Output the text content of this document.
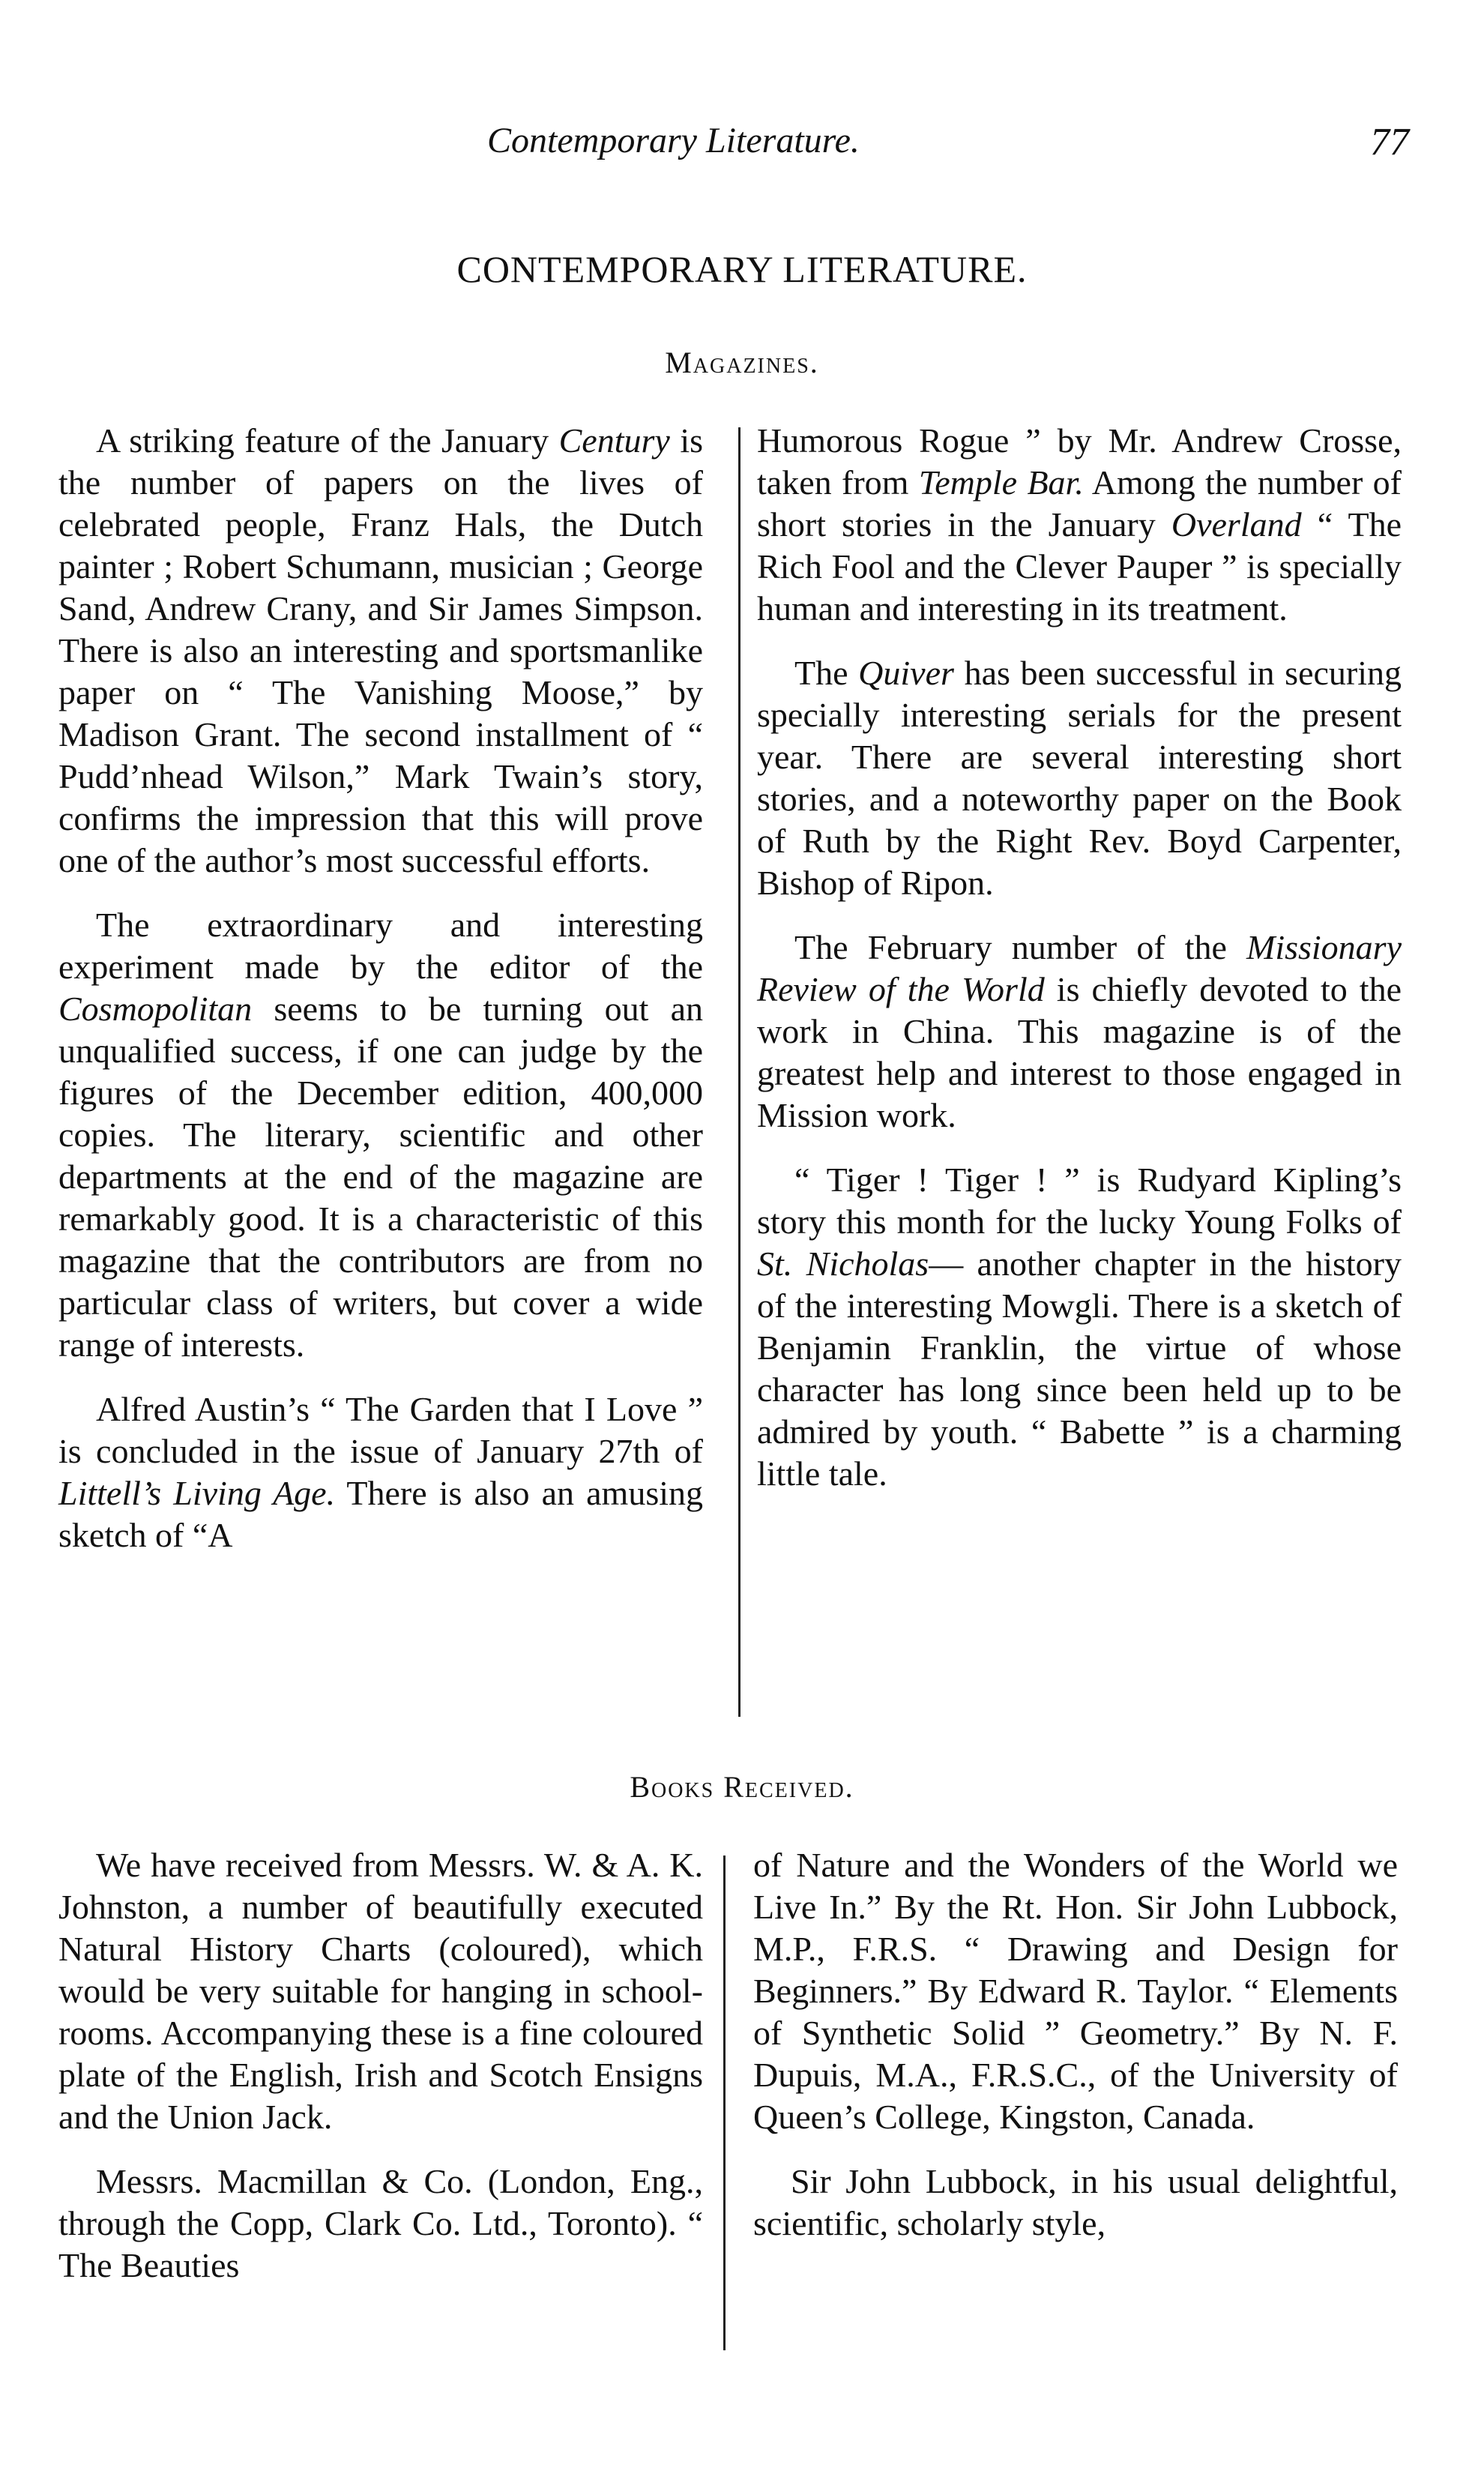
Contemporary Literature.	77
CONTEMPORARY LITERATURE.
Magazines.

A striking feature of the January Century is the number of papers on the lives of celebrated people, Franz Hals, the Dutch painter ; Robert Schumann, musician ; George Sand, Andrew Crany, and Sir James Simpson. There is also an interesting and sportsmanlike paper on “ The Vanishing Moose,” by Madison Grant. The second installment of “ Pudd’nhead Wilson,” Mark Twain’s story, confirms the impression that this will prove one of the author’s most successful efforts.

The extraordinary and interesting experiment made by the editor of the Cosmopolitan seems to be turning out an unqualified success, if one can judge by the figures of the December edition, 400,000 copies. The literary, scientific and other departments at the end of the magazine are remarkably good. It is a characteristic of this magazine that the contributors are from no particular class of writers, but cover a wide range of interests.

Alfred Austin’s “ The Garden that I Love ” is concluded in the issue of January 27th of Littell’s Living Age. There is also an amusing sketch of “A

Humorous Rogue ” by Mr. Andrew Crosse, taken from Temple Bar. Among the number of short stories in the January Overland “ The Rich Fool and the Clever Pauper ” is specially human and interesting in its treatment.

The Quiver has been successful in securing specially interesting serials for the present year. There are several interesting short stories, and a noteworthy paper on the Book of Ruth by the Right Rev. Boyd Carpenter, Bishop of Ripon.

The February number of the Missionary Review of the World is chiefly devoted to the work in China. This magazine is of the greatest help and interest to those engaged in Mission work.

“ Tiger ! Tiger ! ” is Rudyard Kipling’s story this month for the lucky Young Folks of St. Nicholas— another chapter in the history of the interesting Mowgli. There is a sketch of Benjamin Franklin, the virtue of whose character has long since been held up to be admired by youth. “ Babette ” is a charming little tale.

Books Received.

We have received from Messrs. W. & A. K. Johnston, a number of beautifully executed Natural History Charts (coloured), which would be very suitable for hanging in school-rooms. Accompanying these is a fine coloured plate of the English, Irish and Scotch Ensigns and the Union Jack.

Messrs. Macmillan & Co. (London, Eng., through the Copp, Clark Co. Ltd., Toronto). “ The Beauties

of Nature and the Wonders of the World we Live In.” By the Rt. Hon. Sir John Lubbock, M.P., F.R.S. “ Drawing and Design for Beginners.” By Edward R. Taylor. “ Elements of Synthetic Solid ” Geometry.” By N. F. Dupuis, M.A., F.R.S.C., of the University of Queen’s College, Kingston, Canada.

Sir John Lubbock, in his usual delightful, scientific, scholarly style,
